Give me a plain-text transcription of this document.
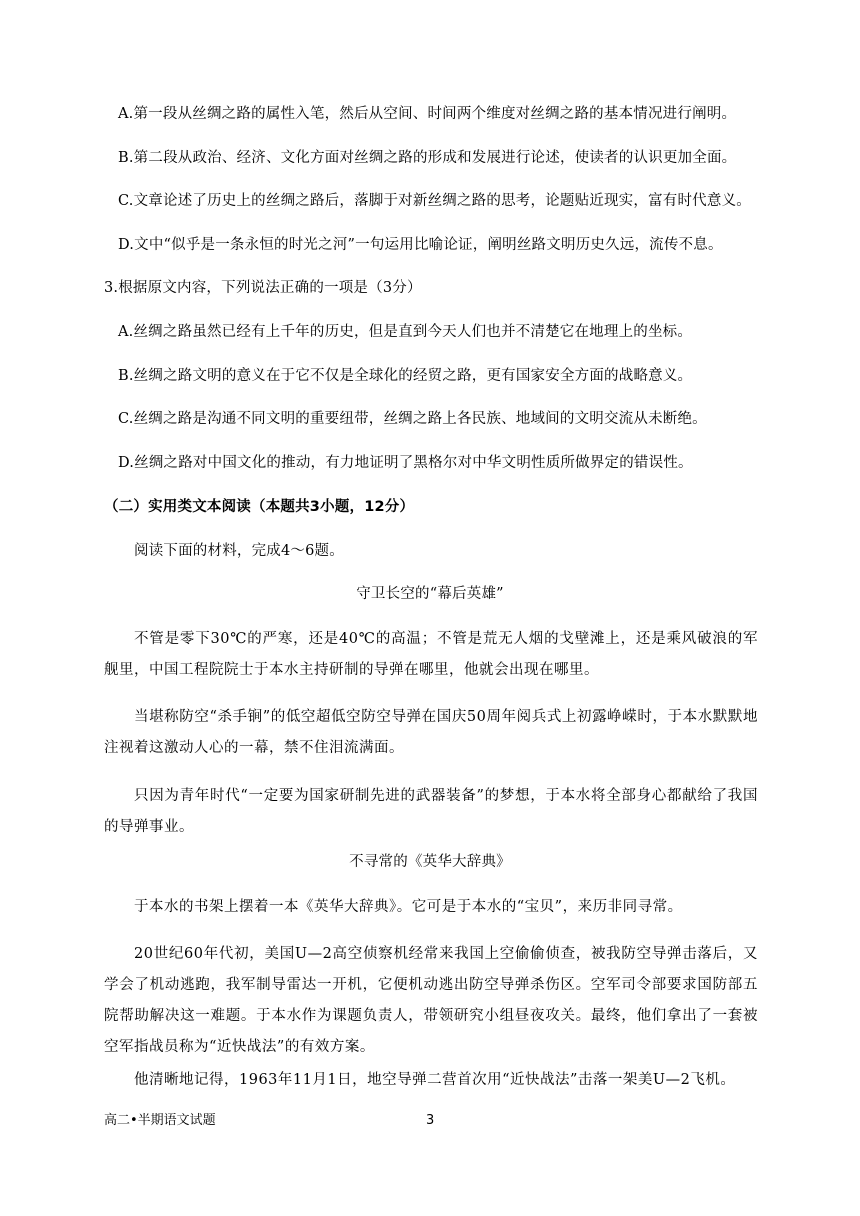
A.第一段从丝绸之路的属性入笔，然后从空间、时间两个维度对丝绸之路的基本情况进行阐明。
B.第二段从政治、经济、文化方面对丝绸之路的形成和发展进行论述，使读者的认识更加全面。
C.文章论述了历史上的丝绸之路后，落脚于对新丝绸之路的思考，论题贴近现实，富有时代意义。
D.文中“似乎是一条永恒的时光之河”一句运用比喻论证，阐明丝路文明历史久远，流传不息。
3.根据原文内容，下列说法正确的一项是（3分）
A.丝绸之路虽然已经有上千年的历史，但是直到今天人们也并不清楚它在地理上的坐标。
B.丝绸之路文明的意义在于它不仅是全球化的经贸之路，更有国家安全方面的战略意义。
C.丝绸之路是沟通不同文明的重要纽带，丝绸之路上各民族、地域间的文明交流从未断绝。
D.丝绸之路对中国文化的推动，有力地证明了黑格尔对中华文明性质所做界定的错误性。
（二）实用类文本阅读（本题共3小题，12分）
阅读下面的材料，完成4～6题。
守卫长空的“幕后英雄”
不管是零下30℃的严寒，还是40℃的高温；不管是荒无人烟的戈壁滩上，还是乘风破浪的军舰里，中国工程院院士于本水主持研制的导弹在哪里，他就会出现在哪里。
当堪称防空“杀手锏”的低空超低空防空导弹在国庆50周年阅兵式上初露峥嵘时，于本水默默地注视着这激动人心的一幕，禁不住泪流满面。
只因为青年时代“一定要为国家研制先进的武器装备”的梦想，于本水将全部身心都献给了我国的导弹事业。
不寻常的《英华大辞典》
于本水的书架上摆着一本《英华大辞典》。它可是于本水的“宝贝”，来历非同寻常。
20世纪60年代初，美国U—2高空侦察机经常来我国上空偷偷侦查，被我防空导弹击落后，又学会了机动逃跑，我军制导雷达一开机，它便机动逃出防空导弹杀伤区。空军司令部要求国防部五院帮助解决这一难题。于本水作为课题负责人，带领研究小组昼夜攻关。最终，他们拿出了一套被空军指战员称为“近快战法”的有效方案。
他清晰地记得，1963年11月1日，地空导弹二营首次用“近快战法”击落一架美U—2飞机。
高二•半期语文试题	3
